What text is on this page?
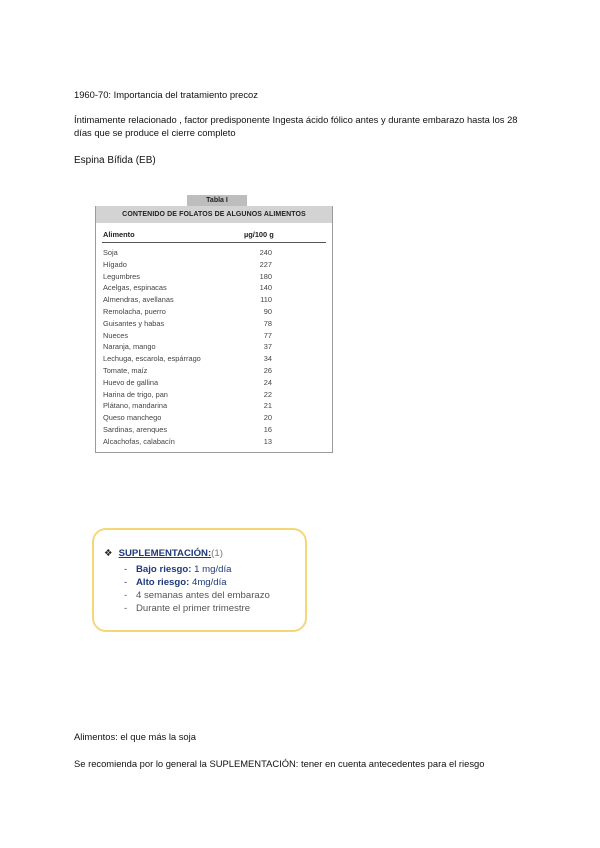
1960-70: Importancia del tratamiento precoz
Íntimamente relacionado , factor predisponente Ingesta ácido fólico antes y durante embarazo hasta los 28 días que se produce el cierre completo
Espina Bífida (EB)
Tabla I
CONTENIDO DE FOLATOS DE ALGUNOS ALIMENTOS
Alimento	µg/100 g
Soja	240
Hígado	227
Legumbres	180
Acelgas, espinacas	140
Almendras, avellanas	110
Remolacha, puerro	90
Guisantes y habas	78
Nueces	77
Naranja, mango	37
Lechuga, escarola, espárrago	34
Tomate, maíz	26
Huevo de gallina	24
Harina de trigo, pan	22
Plátano, mandarina	21
Queso manchego	20
Sardinas, arenques	16
Alcachofas, calabacín	13
❖ SUPLEMENTACIÓN:(1)
- Bajo riesgo: 1 mg/día
- Alto riesgo: 4mg/día
- 4 semanas antes del embarazo
- Durante el primer trimestre
Alimentos: el que más la soja
Se recomienda por lo general la SUPLEMENTACIÓN: tener en cuenta antecedentes para el riesgo
